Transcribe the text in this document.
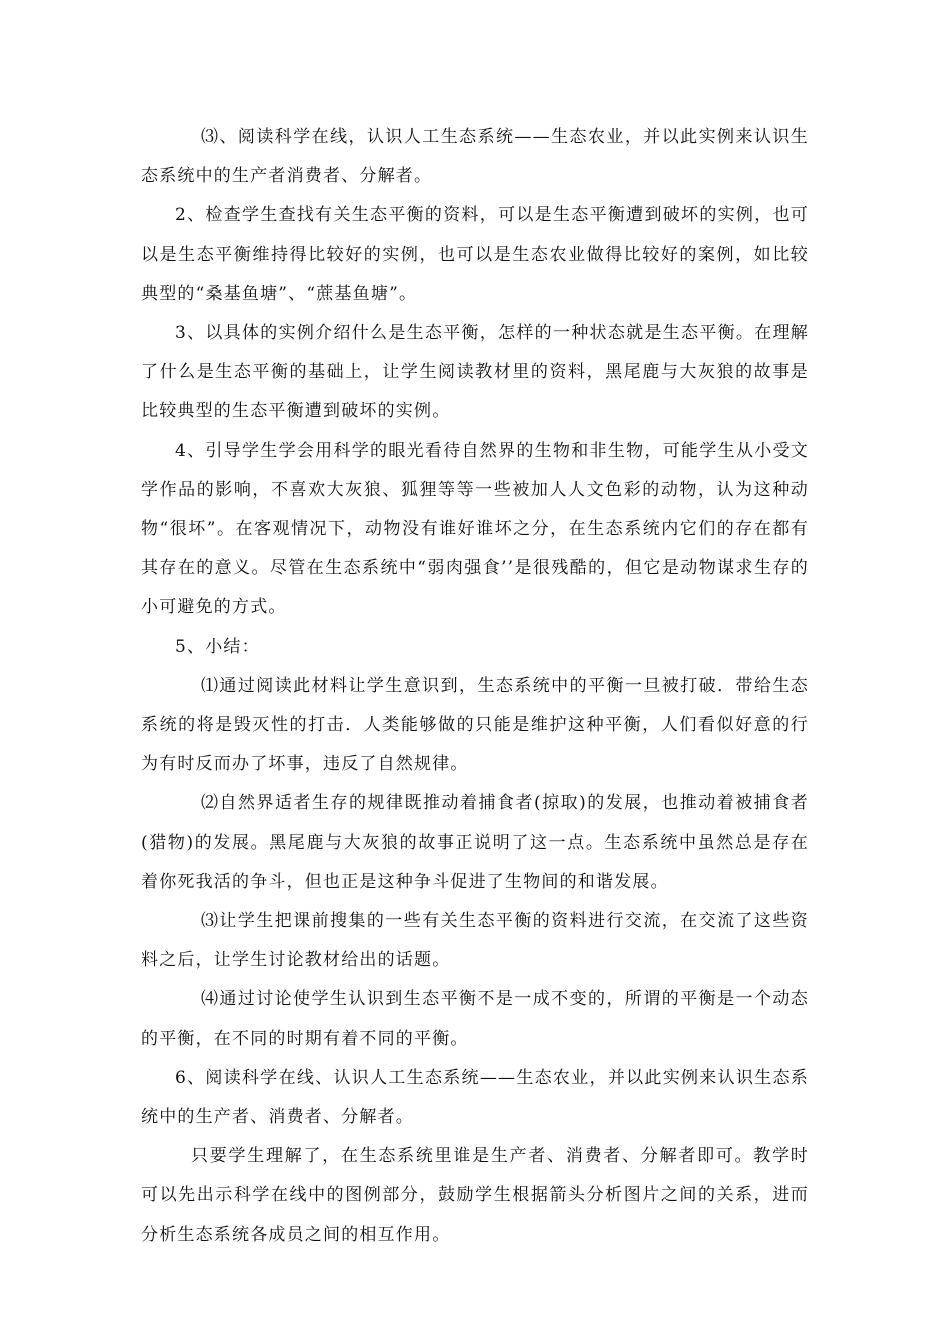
⑶、阅读科学在线，认识人工生态系统——生态农业，并以此实例来认识生态系统中的生产者消费者、分解者。

2、检查学生查找有关生态平衡的资料，可以是生态平衡遭到破坏的实例，也可以是生态平衡维持得比较好的实例，也可以是生态农业做得比较好的案例，如比较典型的“桑基鱼塘”、“蔗基鱼塘”。

3、以具体的实例介绍什么是生态平衡，怎样的一种状态就是生态平衡。在理解了什么是生态平衡的基础上，让学生阅读教材里的资料，黑尾鹿与大灰狼的故事是比较典型的生态平衡遭到破坏的实例。

4、引导学生学会用科学的眼光看待自然界的生物和非生物，可能学生从小受文学作品的影响，不喜欢大灰狼、狐狸等等一些被加人人文色彩的动物，认为这种动物“很坏”。在客观情况下，动物没有谁好谁坏之分，在生态系统内它们的存在都有其存在的意义。尽管在生态系统中“弱肉强食’’是很残酷的，但它是动物谋求生存的小可避免的方式。

5、小结：

⑴通过阅读此材料让学生意识到，生态系统中的平衡一旦被打破．带给生态系统的将是毁灭性的打击．人类能够做的只能是维护这种平衡，人们看似好意的行为有时反而办了坏事，违反了自然规律。

⑵自然界适者生存的规律既推动着捕食者(掠取)的发展，也推动着被捕食者(猎物)的发展。黑尾鹿与大灰狼的故事正说明了这一点。生态系统中虽然总是存在着你死我活的争斗，但也正是这种争斗促进了生物间的和谐发展。

⑶让学生把课前搜集的一些有关生态平衡的资料进行交流，在交流了这些资料之后，让学生讨论教材给出的话题。

⑷通过讨论使学生认识到生态平衡不是一成不变的，所谓的平衡是一个动态的平衡，在不同的时期有着不同的平衡。

6、阅读科学在线、认识人工生态系统——生态农业，并以此实例来认识生态系统中的生产者、消费者、分解者。

只要学生理解了，在生态系统里谁是生产者、消费者、分解者即可。教学时可以先出示科学在线中的图例部分，鼓励学生根据箭头分析图片之间的关系，进而分析生态系统各成员之间的相互作用。
